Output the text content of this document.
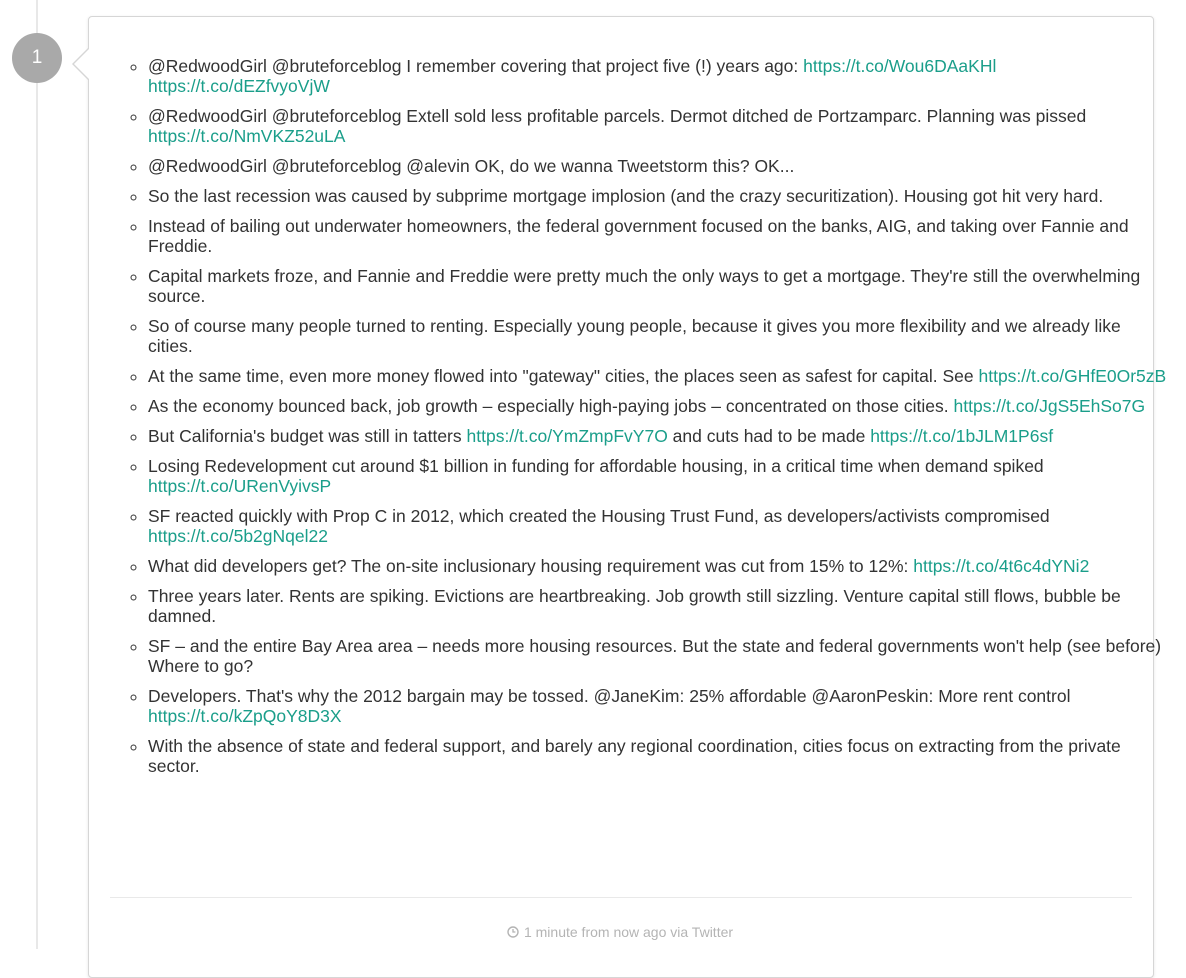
1
◦	@RedwoodGirl @bruteforceblog I remember covering that project five (!) years ago: https://t.co/Wou6DAaKHl https://t.co/dEZfvyoVjW
◦ @RedwoodGirl @bruteforceblog Extell sold less profitable parcels. Dermot ditched de Portzamparc. Planning was pissed https://t.co/NmVKZ52uLA
◦ @RedwoodGirl @bruteforceblog @alevin OK, do we wanna Tweetstorm this? OK...
◦ So the last recession was caused by subprime mortgage implosion (and the crazy securitization). Housing got hit very hard.
◦ Instead of bailing out underwater homeowners, the federal government focused on the banks, AIG, and taking over Fannie and Freddie.
◦ Capital markets froze, and Fannie and Freddie were pretty much the only ways to get a mortgage. They're still the overwhelming source.
◦ So of course many people turned to renting. Especially young people, because it gives you more flexibility and we already like cities.
◦ At the same time, even more money flowed into "gateway" cities, the places seen as safest for capital. See https://t.co/GHfE0Or5zB
◦ As the economy bounced back, job growth – especially high-paying jobs – concentrated on those cities. https://t.co/JgS5EhSo7G
◦ But California's budget was still in tatters https://t.co/YmZmpFvY7O and cuts had to be made https://t.co/1bJLM1P6sf
◦ Losing Redevelopment cut around $1 billion in funding for affordable housing, in a critical time when demand spiked https://t.co/URenVyivsP
◦ SF reacted quickly with Prop C in 2012, which created the Housing Trust Fund, as developers/activists compromised https://t.co/5b2gNqel22
◦ What did developers get? The on-site inclusionary housing requirement was cut from 15% to 12%: https://t.co/4t6c4dYNi2
◦ Three years later. Rents are spiking. Evictions are heartbreaking. Job growth still sizzling. Venture capital still flows, bubble be damned.
◦ SF – and the entire Bay Area area – needs more housing resources. But the state and federal governments won't help (see before) Where to go?
◦ Developers. That's why the 2012 bargain may be tossed. @JaneKim: 25% affordable @AaronPeskin: More rent control https://t.co/kZpQoY8D3X
◦ With the absence of state and federal support, and barely any regional coordination, cities focus on extracting from the private sector.
1 minute from now ago via Twitter
